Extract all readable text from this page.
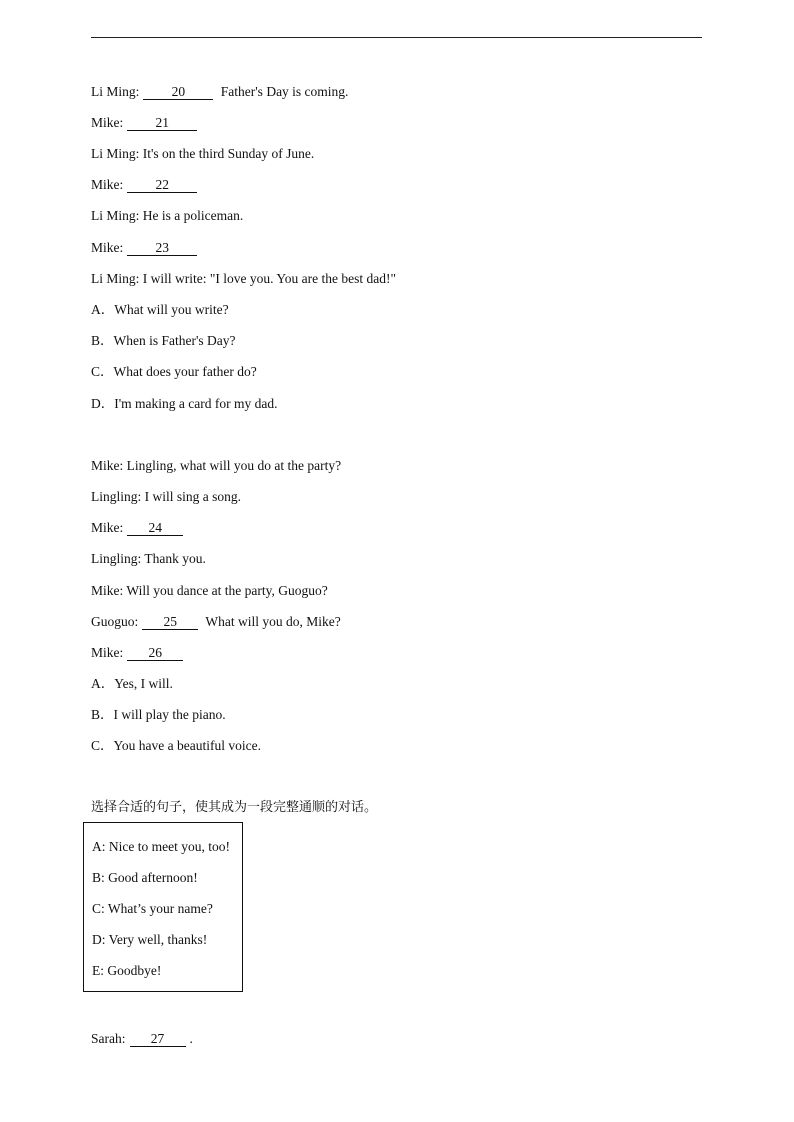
Li Ming: 20	Father's Day is coming.
Mike: 21
Li Ming: It's on the third Sunday of June.
Mike: 22
Li Ming: He is a policeman.
Mike: 23
Li Ming: I will write: "I love you. You are the best dad!"
A．What will you write?
B．When is Father's Day?
C．What does your father do?
D．I'm making a card for my dad.
Mike: Lingling, what will you do at the party?
Lingling: I will sing a song.
Mike: 24
Lingling: Thank you.
Mike: Will you dance at the party, Guoguo?
Guoguo: 25 What will you do, Mike?
Mike: 26
A．Yes, I will.
B．I will play the piano.
C．You have a beautiful voice.
选择合适的句子，使其成为一段完整通顺的对话。
A: Nice to meet you, too!
B: Good afternoon!
C: What’s your name?
D: Very well, thanks!
E: Goodbye!
Sarah: 27 .
